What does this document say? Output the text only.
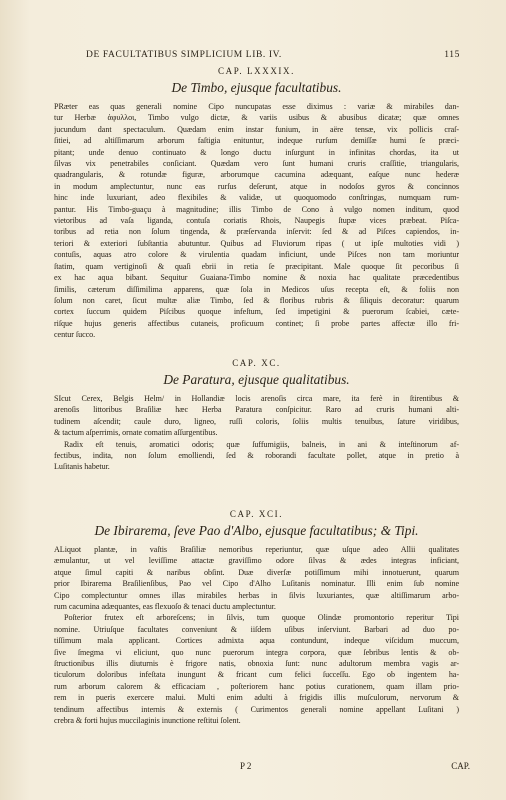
DE FACULTATIBUS SIMPLICIUM LIB. IV.	115

CAP. LXXXIX.

De Timbo, ejusque facultatibus.

PRæter eas quas generali nomine Cipo nuncupatas esse diximus : variæ & mirabiles dan-
tur Herbæ ἀφυλλοι, Timbo vulgo dictæ, & variis usibus & abusibus dicatæ; quæ omnes
jucundum dant spectaculum. Quædam enim instar funium, in aëre tensæ, vix pollicis craſ-
ſitiei, ad altiſſimarum arborum faſtigia enituntur, indeque rurſum demiſſæ humi ſe præci-
pitant; unde denuo continuato & longo ductu inſurgunt in infinitas chordas, ita ut
ſilvas vix penetrabiles conſiciant. Quædam vero ſunt humani cruris craſſitie, triangularis,
quadrangularis, & rotundæ figuræ, arborumque cacumina adæquant, eaſque nunc hederæ
in modum amplectuntur, nunc eas rurſus deſerunt, atque in nodoſos gyros & concinnos
hinc inde luxuriant, adeo flexibiles & validæ, ut quoquomodo conſtringas, numquam rum-
pantur. His Timbo-guaçu à magnitudine; illis Timbo de Cono à vulgo nomen inditum, quod
vietoribus ad vaſa liganda, contuſa coriatis Rhois, Naupegis ſtupæ vices præbeat. Piſca-
toribus ad retia non ſolum tingenda, & præſervanda inſervit: ſed & ad Piſces capiendos, in-
teriori & exteriori ſubſtantia abutuntur. Quibus ad Fluviorum ripas ( ut ipſe multoties vidi )
contuſis, aquas atro colore & virulentia quadam inficiunt, unde Piſces non tam moriuntur
ſtatim, quam vertiginoſi & quaſi ebrii in retia ſe præcipitant. Male quoque ſit pecoribus ſi
ex hac aqua bibant. Sequitur Guaiana-Timbo nomine & noxia hac qualitate præcedentibus
ſimilis, cæterum diſſimilima apparens, quæ ſola in Medicos uſus recepta eſt, & foliis non
ſolum non caret, ſicut multæ aliæ Timbo, ſed & floribus rubris & ſiliquis decoratur: quarum
cortex ſuccum quidem Piſcibus quoque infeſtum, ſed impetigini & puerorum ſcabiei, cæte-
riſque hujus generis affectibus cutaneis, proficuum continet; ſi probe partes affectæ illo fri-
centur ſucco.

CAP. XC.

De Paratura, ejusque qualitatibus.

SIcut Cerex, Belgis Helm/ in Hollandiæ locis arenoſis circa mare, ita ferè in ſtirentibus &
arenoſis littoribus Braſiliæ hæc Herba Paratura conſpicitur. Raro ad cruris humani alti-
tudinem aſcendit; caule duro, ligneo, ruſſi coloris, ſoliis multis tenuibus, ſature viridibus,
& tactum aſperrimis, ornate comatim aſſurgentibus.
Radix eſt tenuis, aromatici odoris; quæ ſuffumigiis, balneis, in ani & inteſtinorum af-
fectibus, indita, non ſolum emolliendi, ſed & roborandi facultate pollet, atque in pretio à
Luſitanis habetur.

CAP. XCI.

De Ibirarema, ſeve Pao d'Albo, ejusque facultatibus; & Tipi.

ALiquot plantæ, in vaſtis Braſiliæ nemoribus reperiuntur, quæ uſque adeo Allii qualitates
æmulantur, ut vel leviſſime attactæ graviſſimo odore ſilvas & ædes integras inficiant,
atque ſimul capiti & naribus obſint. Duæ diverſæ potiſſimum mihi innotuerunt, quarum
prior Ibirarema Braſilienſibus, Pao vel Cipo d'Alho Luſitanis nominatur. Illi enim ſub nomine
Cipo complectuntur omnes illas mirabiles herbas in ſilvis luxuriantes, quæ altiſſimarum arbo-
rum cacumina adæquantes, eas flexuoſo & tenaci ductu amplectuntur.
Poſterior frutex eſt arboreſcens; in ſilvis, tum quoque Olindæ promontorio reperitur Tipi
nomine. Utriuſque facultates conveniunt & iiſdem uſibus inſerviunt. Barbari ad duo po-
tiſſimum mala applicant. Cortices admixta aqua contundunt, indeque viſcidum muccum,
ſive ſmegma vi eliciunt, quo nunc puerorum integra corpora, quæ ſebribus lentis & ob-
ſtructionibus illis diuturnis è frigore natis, obnoxia ſunt: nunc adultorum membra vagis ar-
ticulorum doloribus infeſtata inungunt & fricant cum felici ſucceſſu. Ego ob ingentem ha-
rum arborum calorem & efficaciam , poſteriorem hanc potius curationem, quam illam prio-
rem in pueris exercere malui. Multi enim adulti à frigidis illis muſculorum, nervorum &
tendinum affectibus internis & externis ( Curimentos generali nomine appellant Luſitani )
crebra & forti hujus muccilaginis inunctione reſtitui ſolent.
P 2	CAP.
